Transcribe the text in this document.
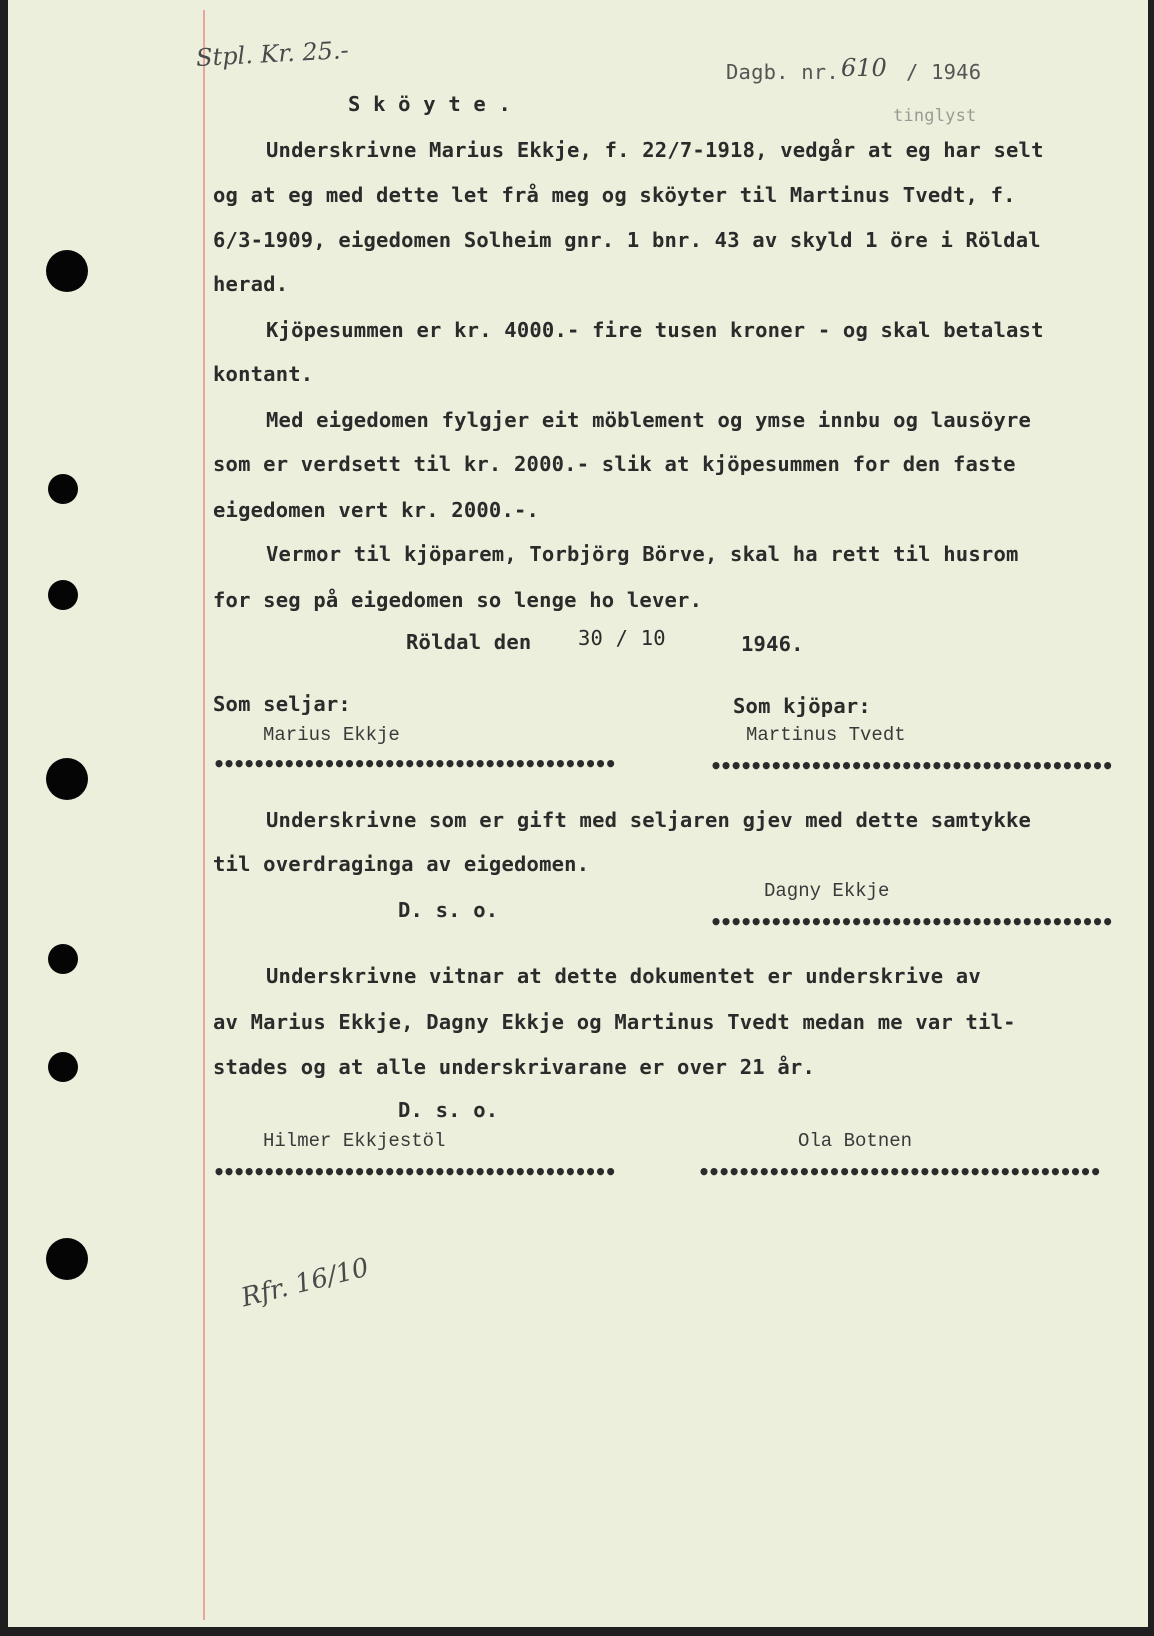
Stpl. Kr. 25.-
Dagb. nr. 610 / 1946
tinglyst
S k ö y t e .
Underskrivne Marius Ekkje, f. 22/7-1918, vedgår at eg har selt
og at eg med dette let frå meg og sköyter til Martinus Tvedt, f.
6/3-1909, eigedomen Solheim gnr. 1 bnr. 43 av skyld 1 öre i Röldal
herad.
Kjöpesummen er kr. 4000.- fire tusen kroner - og skal betalast
kontant.
Med eigedomen fylgjer eit möblement og ymse innbu og lausöyre
som er verdsett til kr. 2000.- slik at kjöpesummen for den faste
eigedomen vert kr. 2000.-.
Vermor til kjöparem, Torbjörg Börve, skal ha rett til husrom
for seg på eigedomen so lenge ho lever.
Röldal den 30 / 10	1946.
Som seljar:
Marius Ekkje
••••••••••••••••••••••••••••••••••••••••
Som kjöpar:
Martinus Tvedt
••••••••••••••••••••••••••••••••••••••••
Underskrivne som er gift med seljaren gjev med dette samtykke
til overdraginga av eigedomen.
D. s. o.
Dagny Ekkje
••••••••••••••••••••••••••••••••••••••••
Underskrivne vitnar at dette dokumentet er underskrive av
av Marius Ekkje, Dagny Ekkje og Martinus Tvedt medan me var til-
stades og at alle underskrivarane er over 21 år.
D. s. o.
Hilmer Ekkjestöl
••••••••••••••••••••••••••••••••••••••••
Ola Botnen
••••••••••••••••••••••••••••••••••••••••
Rfr. 16/10
